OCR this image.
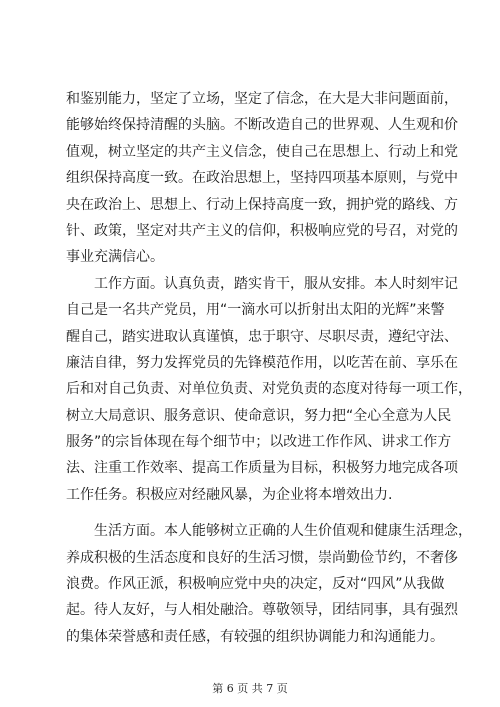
和鉴别能力，坚定了立场，坚定了信念，在大是大非问题面前，
能够始终保持清醒的头脑。不断改造自己的世界观、人生观和价
值观，树立坚定的共产主义信念，使自己在思想上、行动上和党
组织保持高度一致。在政治思想上，坚持四项基本原则，与党中
央在政治上、思想上、行动上保持高度一致，拥护党的路线、方
针、政策，坚定对共产主义的信仰，积极响应党的号召，对党的
事业充满信心。
工作方面。认真负责，踏实肯干，服从安排。本人时刻牢记
自己是一名共产党员，用“一滴水可以折射出太阳的光辉”来警
醒自己，踏实进取认真谨慎，忠于职守、尽职尽责，遵纪守法、
廉洁自律，努力发挥党员的先锋模范作用，以吃苦在前、享乐在
后和对自己负责、对单位负责、对党负责的态度对待每一项工作，
树立大局意识、服务意识、使命意识，努力把“全心全意为人民
服务”的宗旨体现在每个细节中；以改进工作作风、讲求工作方
法、注重工作效率、提高工作质量为目标，积极努力地完成各项
工作任务。积极应对经融风暴，为企业将本增效出力.
生活方面。本人能够树立正确的人生价值观和健康生活理念，
养成积极的生活态度和良好的生活习惯，崇尚勤俭节约，不奢侈
浪费。作风正派，积极响应党中央的决定，反对“四风”从我做
起。待人友好，与人相处融洽。尊敬领导，团结同事，具有强烈
的集体荣誉感和责任感，有较强的组织协调能力和沟通能力。
第 6 页 共 7 页
